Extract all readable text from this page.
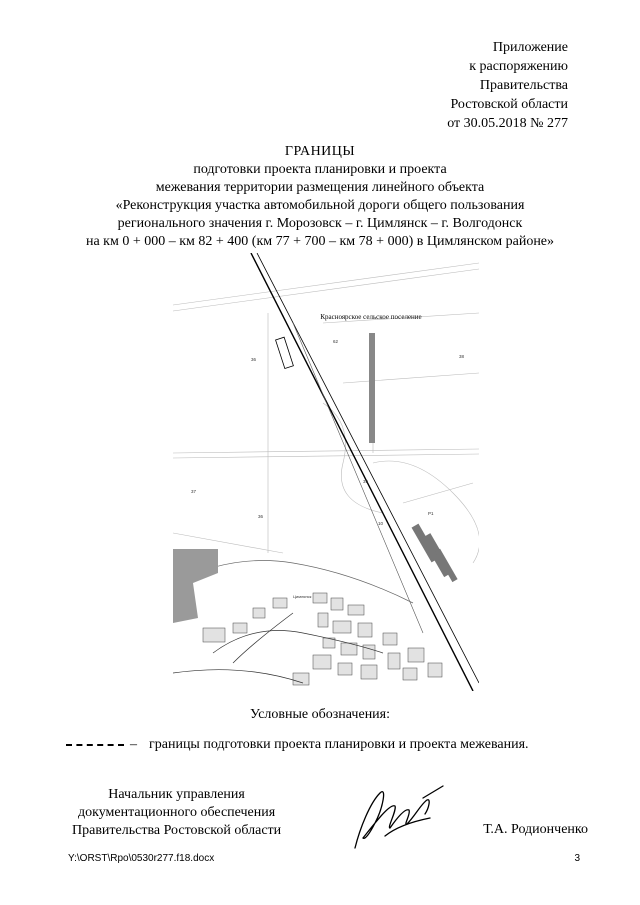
Приложение
к распоряжению
Правительства
Ростовской области
от 30.05.2018 № 277
ГРАНИЦЫ
подготовки проекта планировки и проекта
межевания территории размещения линейного объекта
«Реконструкция участка автомобильной дороги общего пользования
регионального значения г. Морозовск – г. Цимлянск – г. Волгодонск
на км 0 + 000 – км 82 + 400 (км 77 + 700 – км 78 + 000) в Цимлянском районе»
Красноярское сельское поселение
36
62
38
37
36
P1
39
10
Цимлянск
Условные обозначения:
– границы подготовки проекта планировки и проекта межевания.
Начальник управления
документационного обеспечения
Правительства Ростовской области	Т.А. Родионченко
Y:\ORST\Rpo\0530r277.f18.docx	3
